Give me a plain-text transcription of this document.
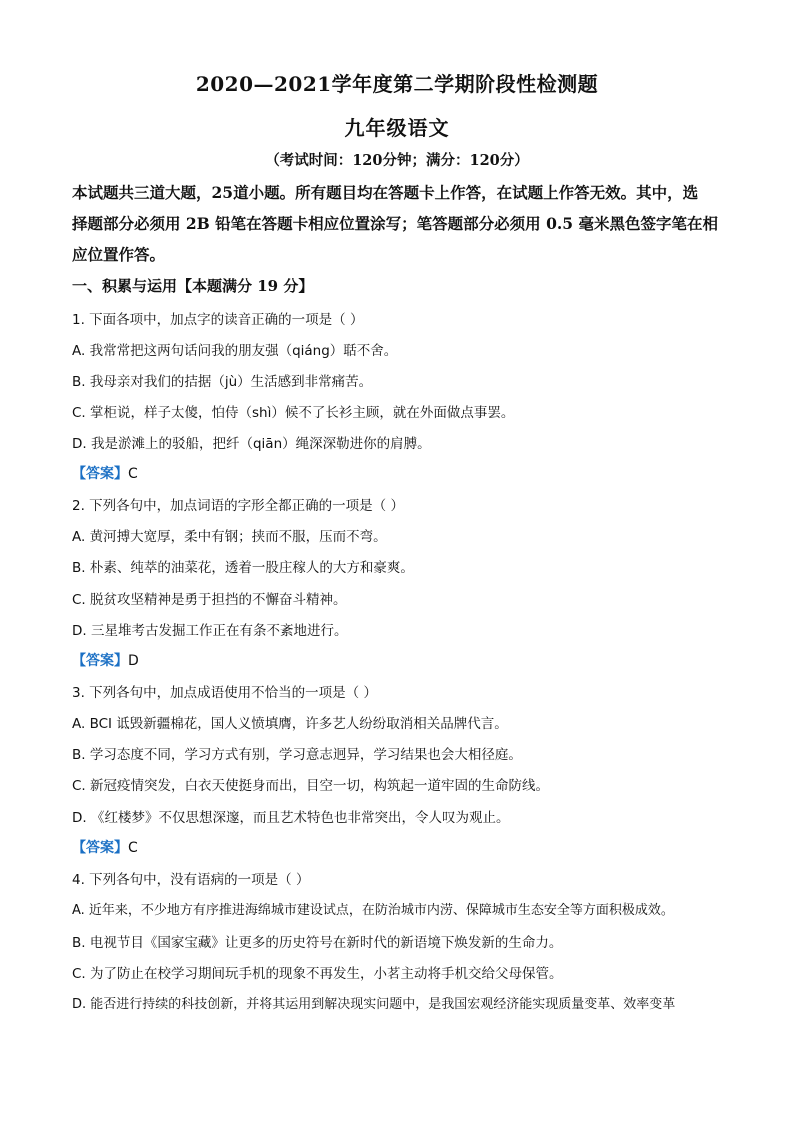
2020—2021学年度第二学期阶段性检测题
九年级语文
（考试时间：120分钟；满分：120分）
本试题共三道大题，25道小题。所有题目均在答题卡上作答，在试题上作答无效。其中，选
择题部分必须用 2B 铅笔在答题卡相应位置涂写；笔答题部分必须用 0.5 毫米黑色签字笔在相
应位置作答。
一、积累与运用【本题满分 19 分】
1. 下面各项中，加点字的读音正确的一项是（ ）
A. 我常常把这两句话问我的朋友强（qiáng）聒不舍。
B. 我母亲对我们的拮据（jù）生活感到非常痛苦。
C. 掌柜说，样子太傻，怕侍（shì）候不了长衫主顾，就在外面做点事罢。
D. 我是淤滩上的驳船，把纤（qiān）绳深深勒进你的肩膊。
【答案】C
2. 下列各句中，加点词语的字形全都正确的一项是（ ）
A. 黄河搏大宽厚，柔中有钢；挟而不服，压而不弯。
B. 朴素、纯萃的油菜花，透着一股庄稼人的大方和豪爽。
C. 脱贫攻坚精神是勇于担挡的不懈奋斗精神。
D. 三星堆考古发掘工作正在有条不紊地进行。
【答案】D
3. 下列各句中，加点成语使用不恰当的一项是（ ）
A. BCI 诋毁新疆棉花，国人义愤填膺，许多艺人纷纷取消相关品牌代言。
B. 学习态度不同，学习方式有别，学习意志迥异，学习结果也会大相径庭。
C. 新冠疫情突发，白衣天使挺身而出，目空一切，构筑起一道牢固的生命防线。
D. 《红楼梦》不仅思想深邃，而且艺术特色也非常突出，令人叹为观止。
【答案】C
4. 下列各句中，没有语病的一项是（ ）
A. 近年来，不少地方有序推进海绵城市建设试点，在防治城市内涝、保障城市生态安全等方面积极成效。
B. 电视节目《国家宝藏》让更多的历史符号在新时代的新语境下焕发新的生命力。
C. 为了防止在校学习期间玩手机的现象不再发生，小茗主动将手机交给父母保管。
D. 能否进行持续的科技创新，并将其运用到解决现实问题中，是我国宏观经济能实现质量变革、效率变革
